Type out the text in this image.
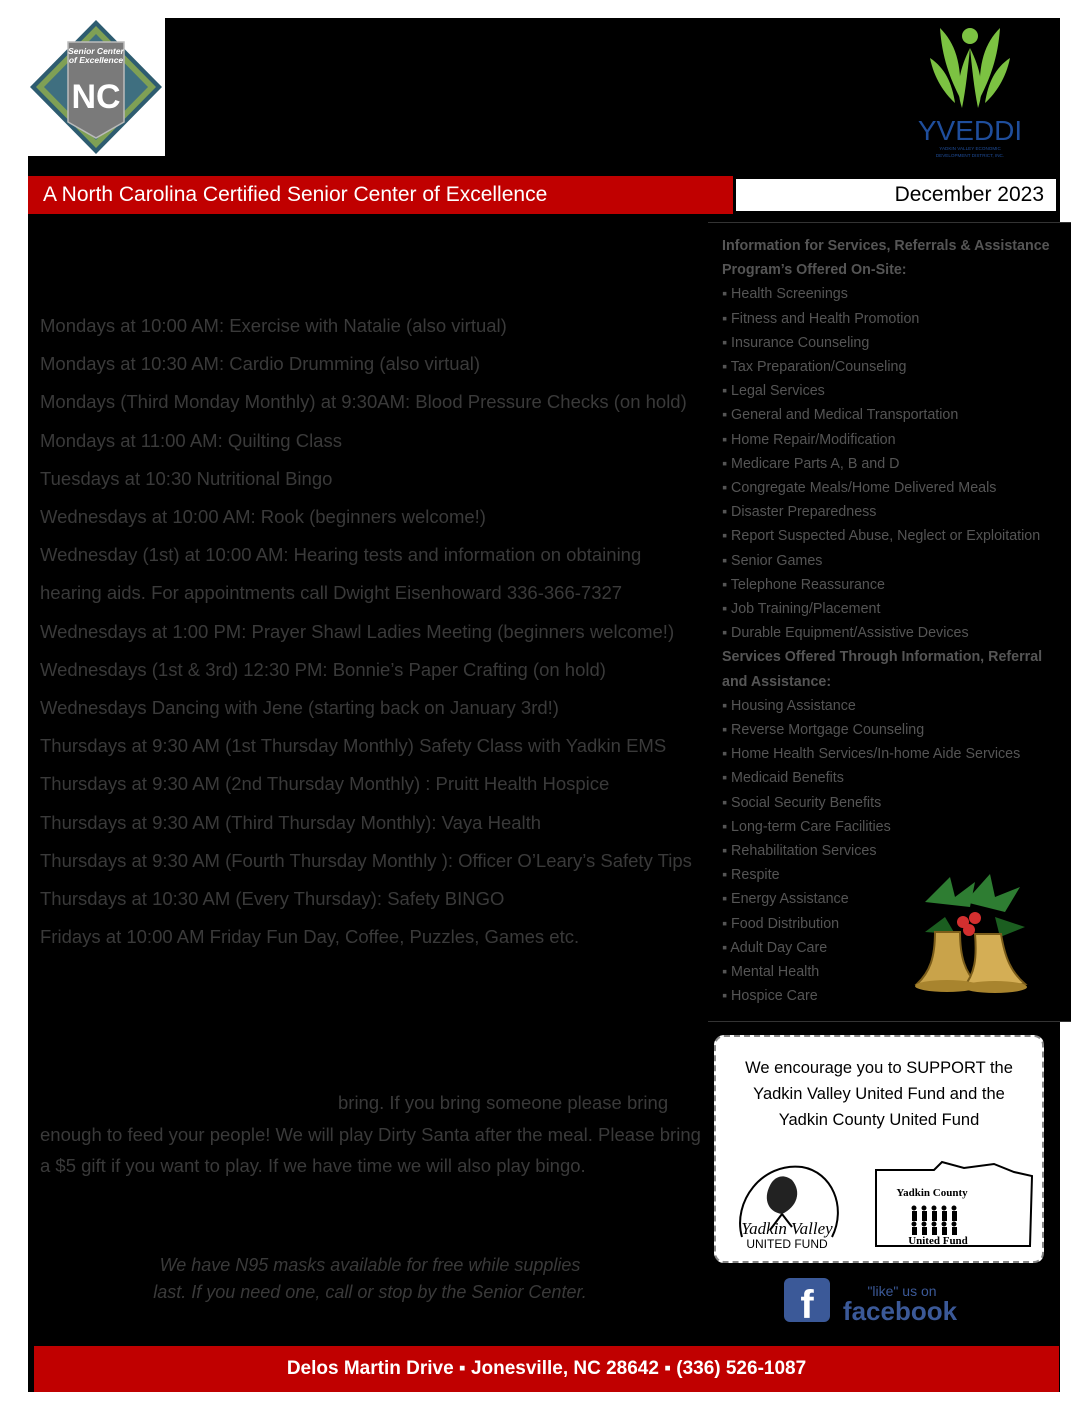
Senior Center
of Excellence
NC
YVEDDI
YADKIN VALLEY ECONOMIC
DEVELOPMENT DISTRICT, INC.
A North Carolina Certified Senior Center of Excellence	December 2023
Mondays at 10:00 AM: Exercise with Natalie (also virtual)
Mondays at 10:30 AM: Cardio Drumming (also virtual)
Mondays (Third Monday Monthly) at 9:30AM: Blood Pressure Checks (on hold)
Mondays at 11:00 AM: Quilting Class
Tuesdays at 10:30 Nutritional Bingo
Wednesdays at 10:00 AM: Rook (beginners welcome!)
Wednesday (1st) at 10:00 AM: Hearing tests and information on obtaining
hearing aids. For appointments call Dwight Eisenhoward 336-366-7327
Wednesdays at 1:00 PM: Prayer Shawl Ladies Meeting (beginners welcome!)
Wednesdays (1st & 3rd) 12:30 PM: Bonnie’s Paper Crafting (on hold)
Wednesdays Dancing with Jene (starting back on January 3rd!)
Thursdays at 9:30 AM (1st Thursday Monthly) Safety Class with Yadkin EMS
Thursdays at 9:30 AM (2nd Thursday Monthly) : Pruitt Health Hospice
Thursdays at 9:30 AM (Third Thursday Monthly): Vaya Health
Thursdays at 9:30 AM (Fourth Thursday Monthly ): Officer O’Leary’s Safety Tips
Thursdays at 10:30 AM (Every Thursday): Safety BINGO
Fridays at 10:00 AM Friday Fun Day, Coffee, Puzzles, Games etc.
bring. If you bring someone please bring
enough to feed your people! We will play Dirty Santa after the meal. Please bring
a $5 gift if you want to play. If we have time we will also play bingo.
We have N95 masks available for free while supplies
last. If you need one, call or stop by the Senior Center.
Information for Services, Referrals & Assistance
Program’s Offered On-Site:
▪ Health Screenings
▪ Fitness and Health Promotion
▪ Insurance Counseling
▪ Tax Preparation/Counseling
▪ Legal Services
▪ General and Medical Transportation
▪ Home Repair/Modification
▪ Medicare Parts A, B and D
▪ Congregate Meals/Home Delivered Meals
▪ Disaster Preparedness
▪ Report Suspected Abuse, Neglect or Exploitation
▪ Senior Games
▪ Telephone Reassurance
▪ Job Training/Placement
▪ Durable Equipment/Assistive Devices
Services Offered Through Information, Referral
and Assistance:
▪ Housing Assistance
▪ Reverse Mortgage Counseling
▪ Home Health Services/In-home Aide Services
▪ Medicaid Benefits
▪ Social Security Benefits
▪ Long-term Care Facilities
▪ Rehabilitation Services
▪ Respite
▪ Energy Assistance
▪ Food Distribution
▪ Adult Day Care
▪ Mental Health
▪ Hospice Care
We encourage you to SUPPORT the
Yadkin Valley United Fund and the
Yadkin County United Fund
Yadkin Valley
UNITED FUND
Yadkin County
United Fund
f	"like" us on
facebook
Delos Martin Drive ▪ Jonesville, NC 28642 ▪ (336) 526-1087
